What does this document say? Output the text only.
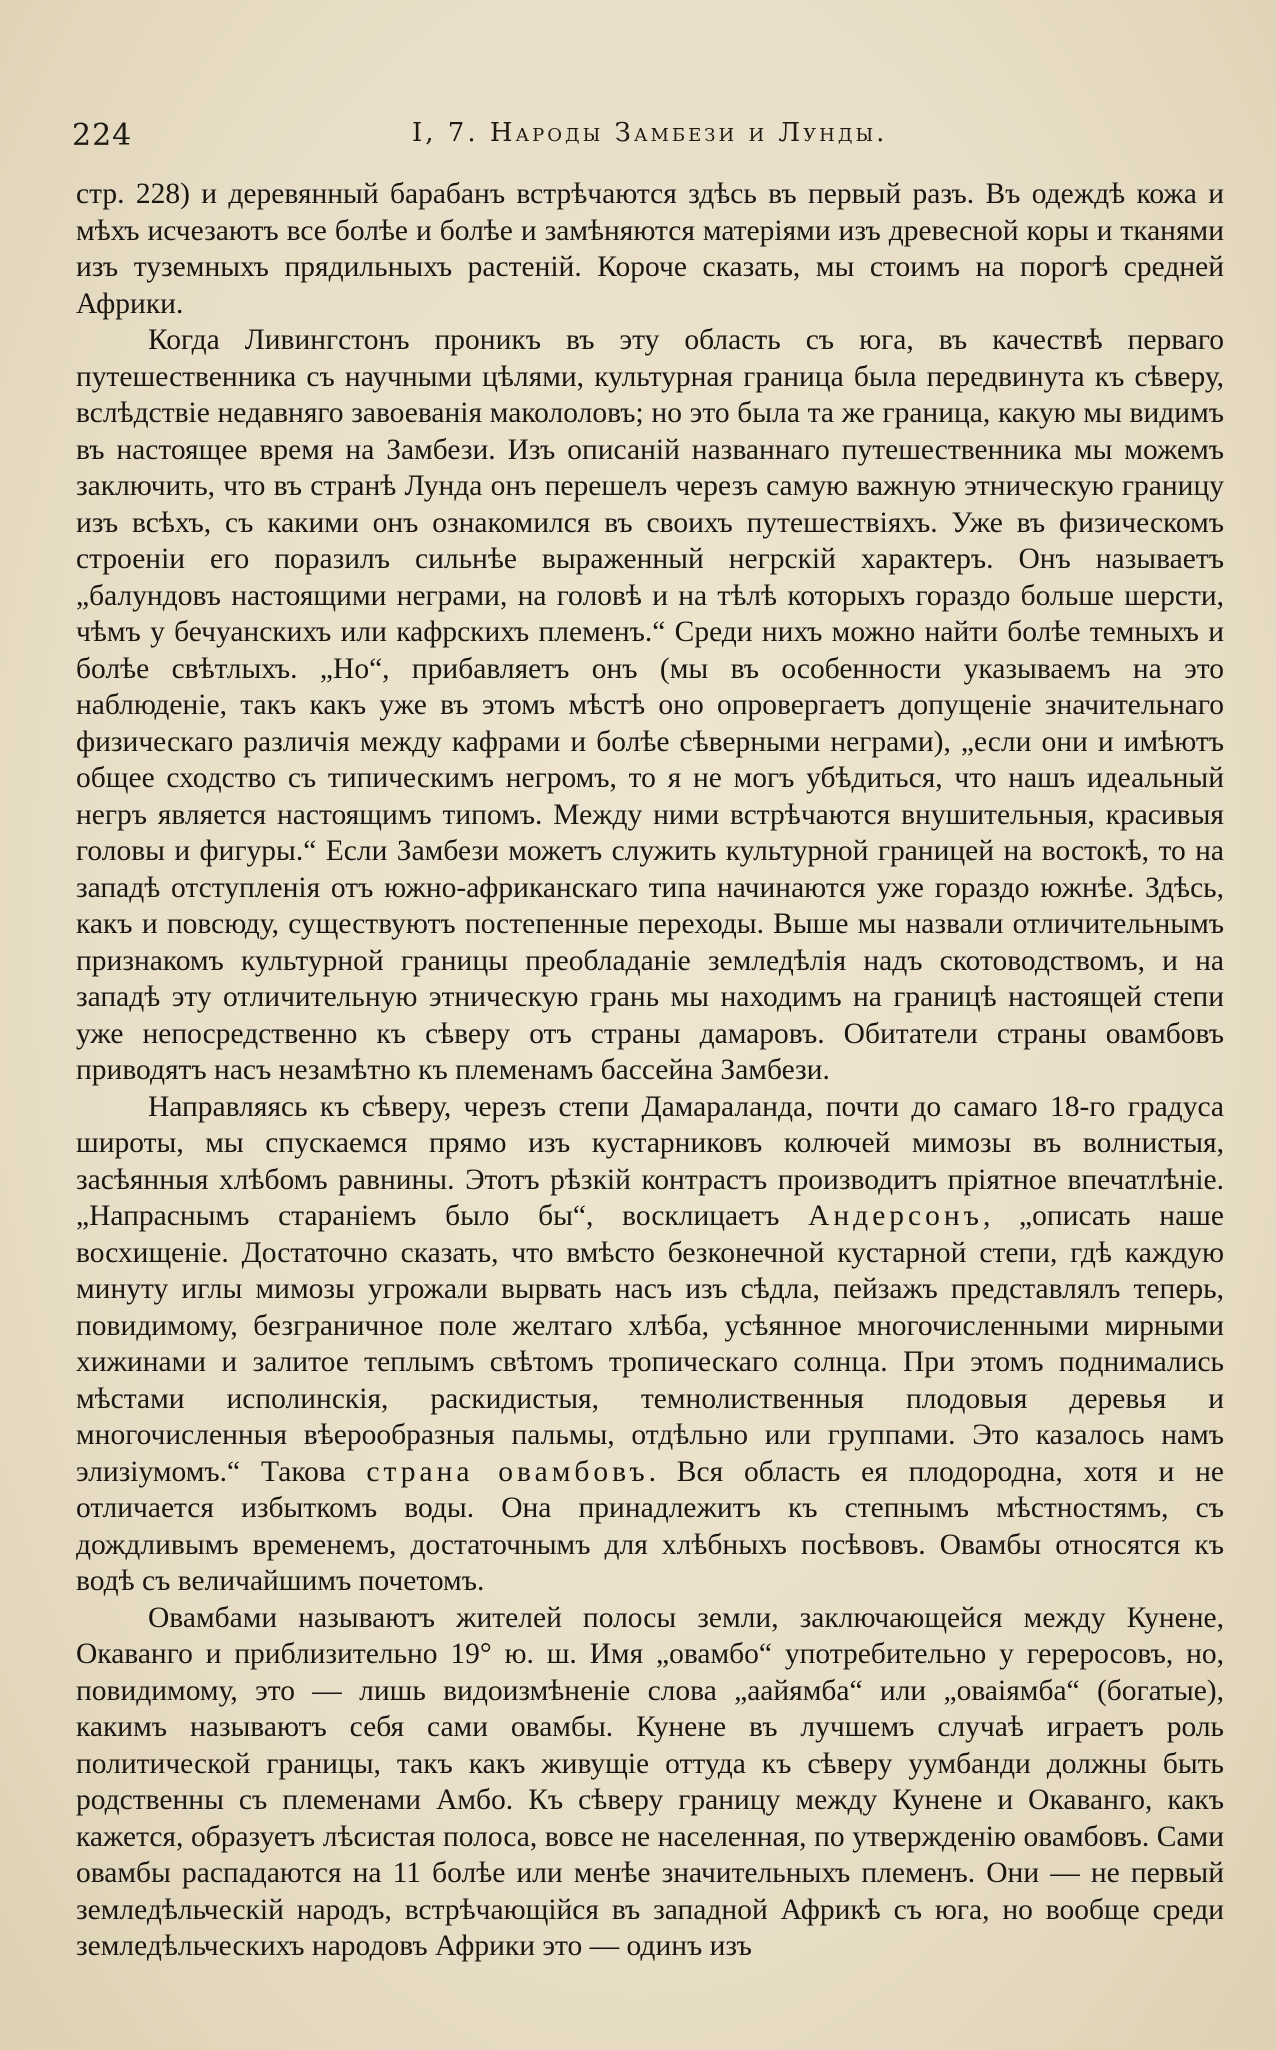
224	I, 7. Народы Замбези и Лунды.

стр. 228) и деревянный барабанъ встрѣчаются здѣсь въ первый разъ. Въ одеждѣ кожа и мѣхъ исчезаютъ все болѣе и болѣе и замѣняются матеріями изъ древесной коры и тканями изъ туземныхъ прядильныхъ растеній. Короче сказать, мы стоимъ на порогѣ средней Африки.

Когда Ливингстонъ проникъ въ эту область съ юга, въ качествѣ перваго путешественника съ научными цѣлями, культурная граница была передвинута къ сѣверу, вслѣдствіе недавняго завоеванія макололовъ; но это была та же граница, какую мы видимъ въ настоящее время на Замбези. Изъ описаній названнаго путешественника мы можемъ заключить, что въ странѣ Лунда онъ перешелъ черезъ самую важную этническую границу изъ всѣхъ, съ какими онъ ознакомился въ своихъ путешествіяхъ. Уже въ физическомъ строеніи его поразилъ сильнѣе выраженный негрскій характеръ. Онъ называетъ „балундовъ настоящими неграми, на головѣ и на тѣлѣ которыхъ гораздо больше шерсти, чѣмъ у бечуанскихъ или кафрскихъ племенъ.“ Среди нихъ можно найти болѣе темныхъ и болѣе свѣтлыхъ. „Но“, прибавляетъ онъ (мы въ особенности указываемъ на это наблюденіе, такъ какъ уже въ этомъ мѣстѣ оно опровергаетъ допущеніе значительнаго физическаго различія между кафрами и болѣе сѣверными неграми), „если они и имѣютъ общее сходство съ типическимъ негромъ, то я не могъ убѣдиться, что нашъ идеальный негръ является настоящимъ типомъ. Между ними встрѣчаются внушительныя, красивыя головы и фигуры.“ Если Замбези можетъ служить культурной границей на востокѣ, то на западѣ отступленія отъ южно-африканскаго типа начинаются уже гораздо южнѣе. Здѣсь, какъ и повсюду, существуютъ постепенные переходы. Выше мы назвали отличительнымъ признакомъ культурной границы преобладаніе земледѣлія надъ скотоводствомъ, и на западѣ эту отличительную этническую грань мы находимъ на границѣ настоящей степи уже непосредственно къ сѣверу отъ страны дамаровъ. Обитатели страны овамбовъ приводятъ насъ незамѣтно къ племенамъ бассейна Замбези.

Направляясь къ сѣверу, черезъ степи Дамараланда, почти до самаго 18-го градуса широты, мы спускаемся прямо изъ кустарниковъ колючей мимозы въ волнистыя, засѣянныя хлѣбомъ равнины. Этотъ рѣзкій контрастъ производитъ пріятное впечатлѣніе. „Напраснымъ стараніемъ было бы“, восклицаетъ Андерсонъ, „описать наше восхищеніе. Достаточно сказать, что вмѣсто безконечной кустарной степи, гдѣ каждую минуту иглы мимозы угрожали вырвать насъ изъ сѣдла, пейзажъ представлялъ теперь, повидимому, безграничное поле желтаго хлѣба, усѣянное многочисленными мирными хижинами и залитое теплымъ свѣтомъ тропическаго солнца. При этомъ поднимались мѣстами исполинскія, раскидистыя, темнолиственныя плодовыя деревья и многочисленныя вѣерообразныя пальмы, отдѣльно или группами. Это казалось намъ элизіумомъ.“ Такова страна овамбовъ. Вся область ея плодородна, хотя и не отличается избыткомъ воды. Она принадлежитъ къ степнымъ мѣстностямъ, съ дождливымъ временемъ, достаточнымъ для хлѣбныхъ посѣвовъ. Овамбы относятся къ водѣ съ величайшимъ почетомъ.

Овамбами называютъ жителей полосы земли, заключающейся между Кунене, Окаванго и приблизительно 19° ю. ш. Имя „овамбо“ употребительно у гереросовъ, но, повидимому, это — лишь видоизмѣненіе слова „аайямба“ или „оваіямба“ (богатые), какимъ называютъ себя сами овамбы. Кунене въ лучшемъ случаѣ играетъ роль политической границы, такъ какъ живущіе оттуда къ сѣверу уумбанди должны быть родственны съ племенами Амбо. Къ сѣверу границу между Кунене и Окаванго, какъ кажется, образуетъ лѣсистая полоса, вовсе не населенная, по утвержденію овамбовъ. Сами овамбы распадаются на 11 болѣе или менѣе значительныхъ племенъ. Они — не первый земледѣльческій народъ, встрѣчающійся въ западной Африкѣ съ юга, но вообще среди земледѣльческихъ народовъ Африки это — одинъ изъ
